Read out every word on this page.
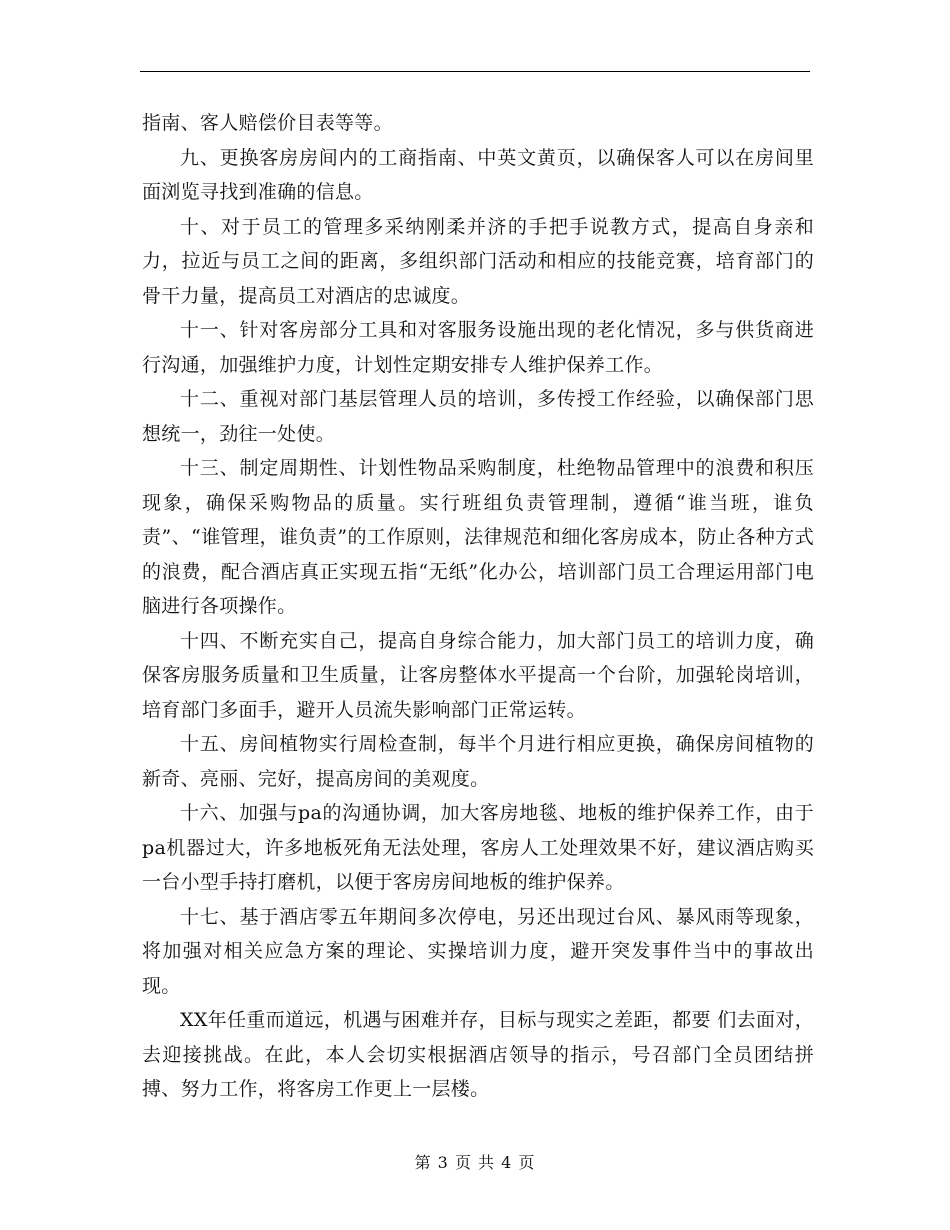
指南、客人赔偿价目表等等。

九、更换客房房间内的工商指南、中英文黄页，以确保客人可以在房间里面浏览寻找到准确的信息。

十、对于员工的管理多采纳刚柔并济的手把手说教方式，提高自身亲和力，拉近与员工之间的距离，多组织部门活动和相应的技能竞赛，培育部门的骨干力量，提高员工对酒店的忠诚度。

十一、针对客房部分工具和对客服务设施出现的老化情况，多与供货商进行沟通，加强维护力度，计划性定期安排专人维护保养工作。

十二、重视对部门基层管理人员的培训，多传授工作经验，以确保部门思想统一，劲往一处使。

十三、制定周期性、计划性物品采购制度，杜绝物品管理中的浪费和积压现象，确保采购物品的质量。实行班组负责管理制，遵循“谁当班，谁负责”、“谁管理，谁负责”的工作原则，法律规范和细化客房成本，防止各种方式的浪费，配合酒店真正实现五指“无纸”化办公，培训部门员工合理运用部门电脑进行各项操作。

十四、不断充实自己，提高自身综合能力，加大部门员工的培训力度，确保客房服务质量和卫生质量，让客房整体水平提高一个台阶，加强轮岗培训，培育部门多面手，避开人员流失影响部门正常运转。

十五、房间植物实行周检查制，每半个月进行相应更换，确保房间植物的新奇、亮丽、完好，提高房间的美观度。

十六、加强与pa的沟通协调，加大客房地毯、地板的维护保养工作，由于pa机器过大，许多地板死角无法处理，客房人工处理效果不好，建议酒店购买一台小型手持打磨机，以便于客房房间地板的维护保养。

十七、基于酒店零五年期间多次停电，另还出现过台风、暴风雨等现象，将加强对相关应急方案的理论、实操培训力度，避开突发事件当中的事故出现。

XX年任重而道远，机遇与困难并存，目标与现实之差距，都要 们去面对，去迎接挑战。在此，本人会切实根据酒店领导的指示，号召部门全员团结拼搏、努力工作，将客房工作更上一层楼。

第 3 页 共 4 页
